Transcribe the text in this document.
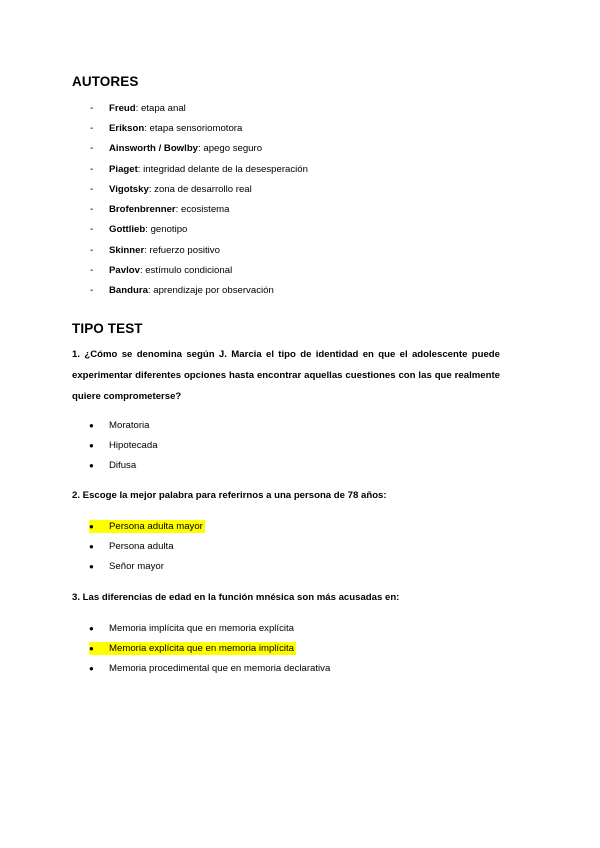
AUTORES
-	Freud : etapa anal
-	Erikson : etapa sensoriomotora
-	Ainsworth / Bowlby : apego seguro
-	Piaget : integridad delante de la desesperación
-	Vigotsky : zona de desarrollo real
-	Brofenbrenner : ecosistema
-	Gottlieb : genotipo
-	Skinner : refuerzo positivo
-	Pavlov : estímulo condicional
-	Bandura : aprendizaje por observación
TIPO TEST
1. ¿Cómo se denomina según J. Marcia el tipo de identidad en que el adolescente puede experimentar diferentes opciones hasta encontrar aquellas cuestiones con las que realmente quiere comprometerse?
●	Moratoria
●	Hipotecada
●	Difusa
2. Escoge la mejor palabra para referirnos a una persona de 78 años:
●	Persona adulta mayor
●	Persona adulta
●	Señor mayor
3. Las diferencias de edad en la función mnésica son más acusadas en:
●	Memoria implícita que en memoria explícita
●	Memoria explícita que en memoria implícita
●	Memoria procedimental que en memoria declarativa
